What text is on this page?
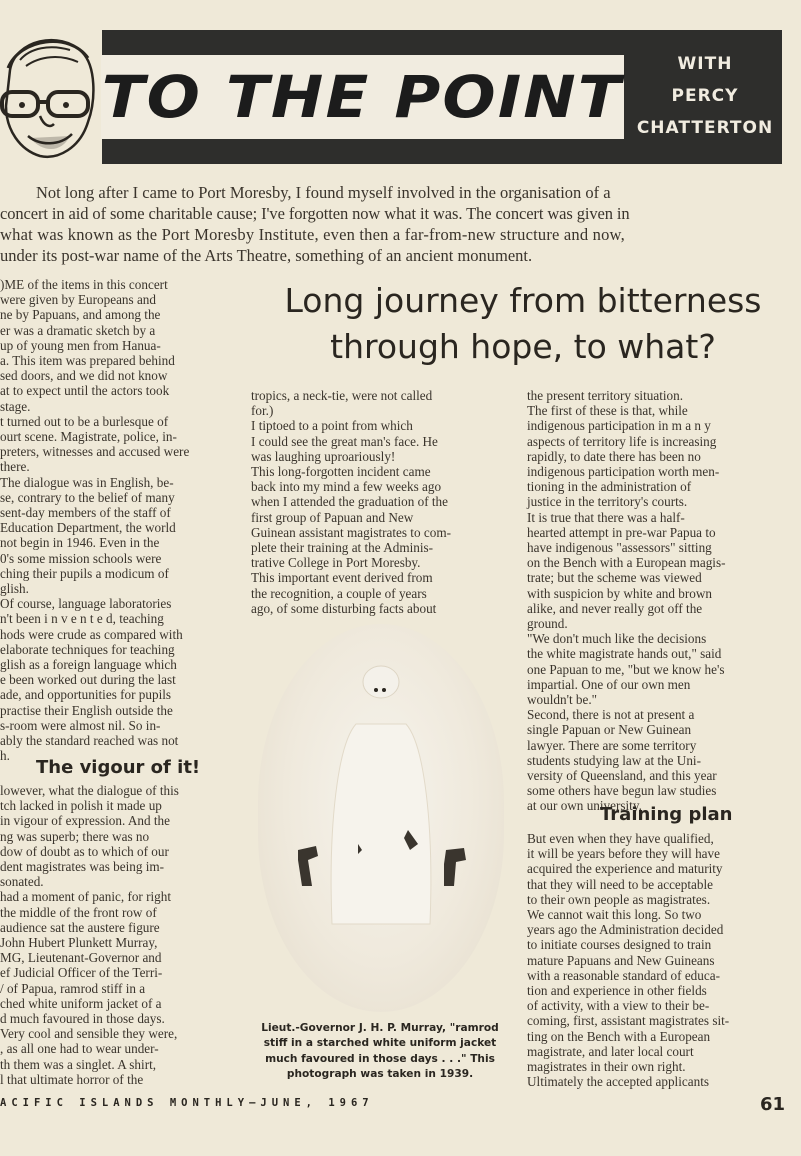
TO THE POINT	WITH
PERCY
CHATTERTON

Not long after I came to Port Moresby, I found myself involved in the organisation of a

concert in aid of some charitable cause; I've forgotten now what it was. The concert was given in

what was known as the Port Moresby Institute, even then a far-from-new structure and now,

under its post-war name of the Arts Theatre, something of an ancient monument.

Long journey from bitterness
through hope, to what?

)ME of the items in this concert

were given by Europeans and

ne by Papuans, and among the

er was a dramatic sketch by a

up of young men from Hanua-

a. This item was prepared behind

sed doors, and we did not know

at to expect until the actors took

stage.

t turned out to be a burlesque of

ourt scene. Magistrate, police, in-

preters, witnesses and accused were

there.

The dialogue was in English, be-

se, contrary to the belief of many

sent-day members of the staff of

Education Department, the world

not begin in 1946. Even in the

0's some mission schools were

ching their pupils a modicum of

glish.

Of course, language laboratories

n't been i n v e n t e d, teaching

hods were crude as compared with

elaborate techniques for teaching

glish as a foreign language which

e been worked out during the last

ade, and opportunities for pupils

practise their English outside the

s-room were almost nil. So in-

ably the standard reached was not

h.

The vigour of it!

lowever, what the dialogue of this

tch lacked in polish it made up

in vigour of expression. And the

ng was superb; there was no

dow of doubt as to which of our

dent magistrates was being im-

sonated.

had a moment of panic, for right

the middle of the front row of

audience sat the austere figure

John Hubert Plunkett Murray,

MG, Lieutenant-Governor and

ef Judicial Officer of the Terri-

/ of Papua, ramrod stiff in a

ched white uniform jacket of a

d much favoured in those days.

Very cool and sensible they were,

, as all one had to wear under-

th them was a singlet. A shirt,

l that ultimate horror of the

tropics, a neck-tie, were not called

for.)

I tiptoed to a point from which

I could see the great man's face. He

was laughing uproariously!

This long-forgotten incident came

back into my mind a few weeks ago

when I attended the graduation of the

first group of Papuan and New

Guinean assistant magistrates to com-

plete their training at the Adminis-

trative College in Port Moresby.

This important event derived from

the recognition, a couple of years

ago, of some disturbing facts about

Lieut.-Governor J. H. P. Murray, "ramrod
stiff in a starched white uniform jacket
much favoured in those days . . ." This
photograph was taken in 1939.

the present territory situation.

The first of these is that, while

indigenous participation in m a n y

aspects of territory life is increasing

rapidly, to date there has been no

indigenous participation worth men-

tioning in the administration of

justice in the territory's courts.

It is true that there was a half-

hearted attempt in pre-war Papua to

have indigenous "assessors" sitting

on the Bench with a European magis-

trate; but the scheme was viewed

with suspicion by white and brown

alike, and never really got off the

ground.

"We don't much like the decisions

the white magistrate hands out," said

one Papuan to me, "but we know he's

impartial. One of our own men

wouldn't be."

Second, there is not at present a

single Papuan or New Guinean

lawyer. There are some territory

students studying law at the Uni-

versity of Queensland, and this year

some others have begun law studies

at our own university.

Training plan

But even when they have qualified,

it will be years before they will have

acquired the experience and maturity

that they will need to be acceptable

to their own people as magistrates.

We cannot wait this long. So two

years ago the Administration decided

to initiate courses designed to train

mature Papuans and New Guineans

with a reasonable standard of educa-

tion and experience in other fields

of activity, with a view to their be-

coming, first, assistant magistrates sit-

ting on the Bench with a European

magistrate, and later local court

magistrates in their own right.

Ultimately the accepted applicants

ACIFIC ISLANDS MONTHLY—JUNE, 1967	61
